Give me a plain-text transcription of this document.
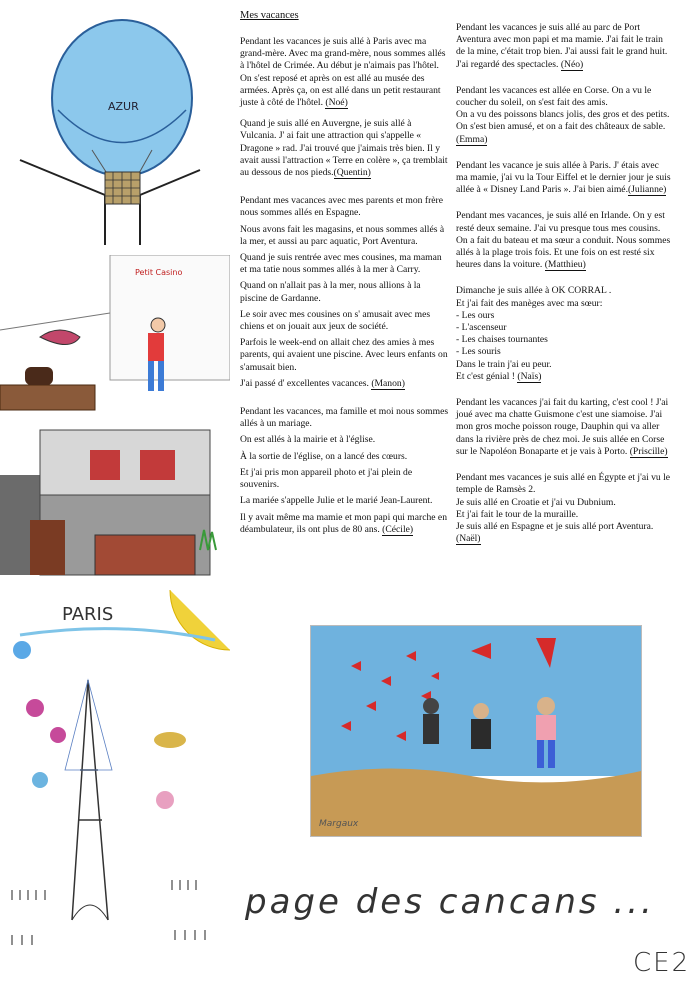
Mes vacances
AZUR
Petit Casino
PARIS

Pendant les vacances je suis allé à Paris avec ma grand-mère. Avec ma grand-mère, nous sommes allés à l'hôtel de Crimée. Au début je n'aimais pas l'hôtel. On s'est reposé et après on est allé au musée des armées. Après ça, on est allé dans un petit restaurant juste à côté de l'hôtel. (Noé)

Quand je suis allé en Auvergne, je suis allé à Vulcania. J' ai fait une attraction qui s'appelle « Dragone » rad. J'ai trouvé que j'aimais très bien. Il y avait aussi l'attraction « Terre en colère », ça tremblait au dessous de nos pieds.(Quentin)

Pendant mes vacances avec mes parents et mon frère nous sommes allés en Espagne.

Nous avons fait les magasins, et nous sommes allés à la mer, et aussi au parc aquatic, Port Aventura.

Quand je suis rentrée avec mes cousines, ma maman et ma tatie nous sommes allés à la mer à Carry.

Quand on n'allait pas à la mer, nous allions à la piscine de Gardanne.

Le soir avec mes cousines on s' amusait avec mes chiens et on jouait aux jeux de société.

Parfois le week-end on allait chez des amies à mes parents, qui avaient une piscine. Avec leurs enfants on s'amusait bien.

J'ai passé d' excellentes vacances. (Manon)

Pendant les vacances, ma famille et moi nous sommes allés à un mariage.

On est allés à la mairie et à l'église.

À la sortie de l'église, on a lancé des cœurs.

Et j'ai pris mon appareil photo et j'ai plein de souvenirs.

La mariée s'appelle Julie et le marié Jean-Laurent.

Il y avait même ma mamie et mon papi qui marche en déambulateur, ils ont plus de 80 ans. (Cécile)

Pendant les vacances je suis allé au parc de Port Aventura avec mon papi et ma mamie. J'ai fait le train de la mine, c'était trop bien. J'ai aussi fait le grand huit. J'ai regardé des spectacles. (Néo)

Pendant les vacances est allée en Corse. On a vu le coucher du soleil, on s'est fait des amis.
On a vu des poissons blancs jolis, des gros et des petits.
On s'est bien amusé, et on a fait des châteaux de sable. (Emma)

Pendant les vacance je suis allée à Paris. J' étais avec ma mamie, j'ai vu la Tour Eiffel et le dernier jour je suis allée à « Disney Land Paris ». J'ai bien aimé.(Julianne)

Pendant mes vacances, je suis allé en Irlande. On y est resté deux semaine. J'ai vu presque tous mes cousins. On a fait du bateau et ma sœur a conduit. Nous sommes allés à la plage trois fois. Et une fois on est resté six heures dans la voiture. (Matthieu)

Dimanche je suis allée à OK CORRAL .
Et j'ai fait des manèges avec ma sœur:
- Les ours
- L'ascenseur
- Les chaises tournantes
- Les souris
Dans le train j'ai eu peur.
Et c'est génial ! (Naïs)

Pendant les vacances j'ai fait du karting, c'est cool ! J'ai joué avec ma chatte Guismone c'est une siamoise. J'ai mon gros moche poisson rouge, Dauphin qui va aller dans la rivière près de chez moi. Je suis allée en Corse sur le Napoléon Bonaparte et je vais à Porto. (Priscille)

Pendant mes vacances je suis allé en Égypte et j'ai vu le temple de Ramsès 2.
Je suis allé en Croatie et j'ai vu Dubnium.
Et j'ai fait le tour de la muraille.
Je suis allé en Espagne et je suis allé port Aventura.
(Naël)
Margaux
page des cancans ...
CE2
